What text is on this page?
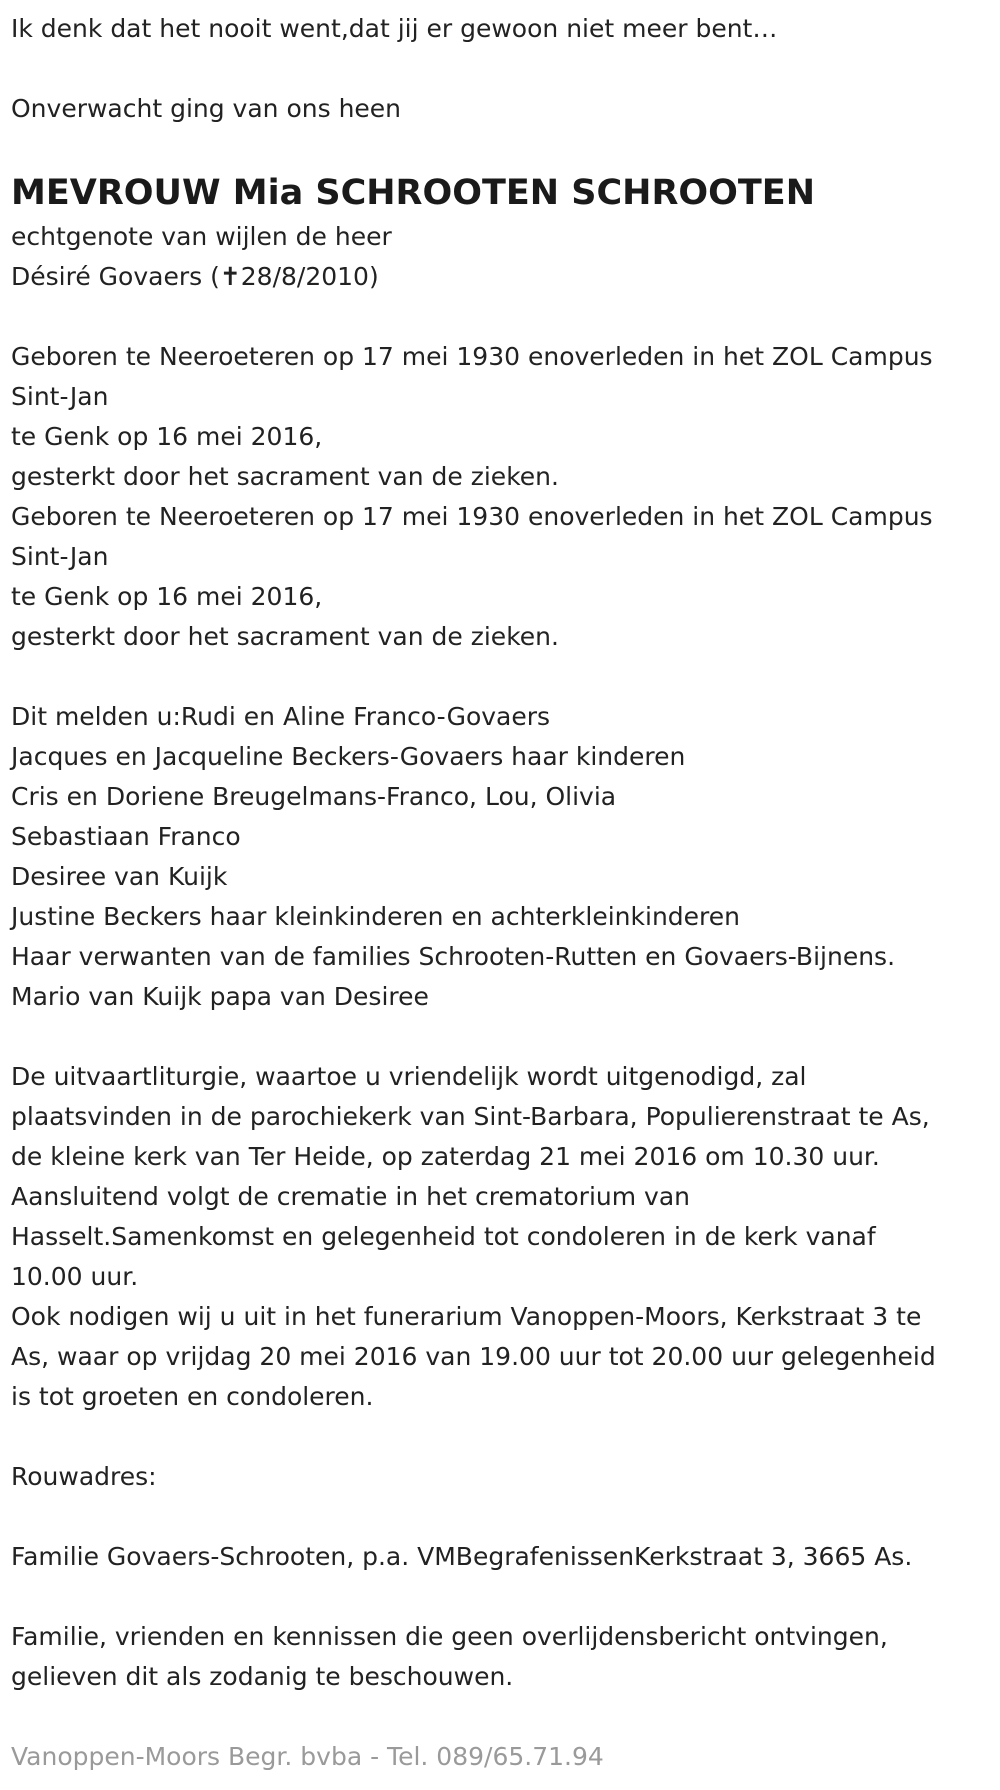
Ik denk dat het nooit went,dat jij er gewoon niet meer bent…
Onverwacht ging van ons heen
MEVROUW Mia SCHROOTEN SCHROOTEN
echtgenote van wijlen de heer
Désiré Govaers (✝28/8/2010)
Geboren te Neeroeteren op 17 mei 1930 enoverleden in het ZOL Campus
Sint-Jan
te Genk op 16 mei 2016,
gesterkt door het sacrament van de zieken.
Geboren te Neeroeteren op 17 mei 1930 enoverleden in het ZOL Campus
Sint-Jan
te Genk op 16 mei 2016,
gesterkt door het sacrament van de zieken.
Dit melden u:Rudi en Aline Franco-Govaers
Jacques en Jacqueline Beckers-Govaers haar kinderen
Cris en Doriene Breugelmans-Franco, Lou, Olivia
Sebastiaan Franco
Desiree van Kuijk
Justine Beckers haar kleinkinderen en achterkleinkinderen
Haar verwanten van de families Schrooten-Rutten en Govaers-Bijnens.
Mario van Kuijk papa van Desiree
De uitvaartliturgie, waartoe u vriendelijk wordt uitgenodigd, zal
plaatsvinden in de parochiekerk van Sint-Barbara, Populierenstraat te As,
de kleine kerk van Ter Heide, op zaterdag 21 mei 2016 om 10.30 uur.
Aansluitend volgt de crematie in het crematorium van
Hasselt.Samenkomst en gelegenheid tot condoleren in de kerk vanaf
10.00 uur.
Ook nodigen wij u uit in het funerarium Vanoppen-Moors, Kerkstraat 3 te
As, waar op vrijdag 20 mei 2016 van 19.00 uur tot 20.00 uur gelegenheid
is tot groeten en condoleren.
Rouwadres:
Familie Govaers-Schrooten, p.a. VMBegrafenissenKerkstraat 3, 3665 As.
Familie, vrienden en kennissen die geen overlijdensbericht ontvingen,
gelieven dit als zodanig te beschouwen.
Vanoppen-Moors Begr. bvba - Tel. 089/65.71.94
